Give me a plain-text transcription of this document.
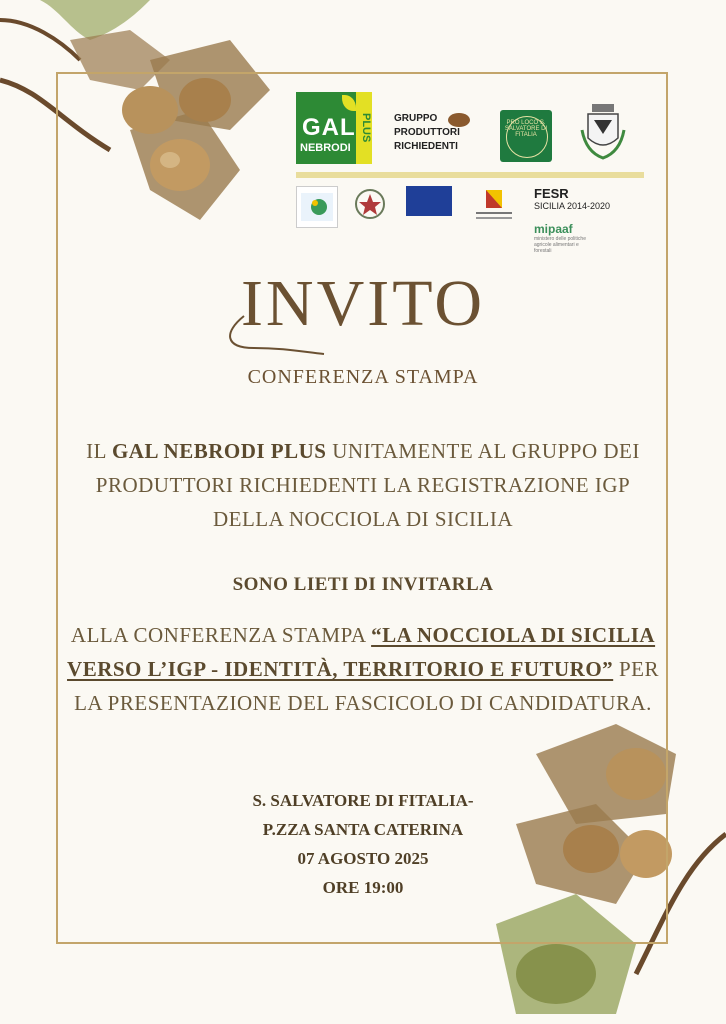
GAL
NEBRODI
PLUS GRUPPO
PRODUTTORI
RICHIEDENTI
PRO LOCO S. SALVATORE DI FITALIA
FESR
SICILIA 2014-2020
mipaaf
ministero delle politiche agricole alimentari e forestali
INVITO
CONFERENZA STAMPA
IL GAL NEBRODI PLUS UNITAMENTE AL GRUPPO DEI PRODUTTORI RICHIEDENTI LA REGISTRAZIONE IGP DELLA NOCCIOLA DI SICILIA
SONO LIETI DI INVITARLA
ALLA CONFERENZA STAMPA “LA NOCCIOLA DI SICILIA VERSO L’IGP - IDENTITÀ, TERRITORIO E FUTURO” PER LA PRESENTAZIONE DEL FASCICOLO DI CANDIDATURA.
S. SALVATORE DI FITALIA-
P.ZZA SANTA CATERINA
07 AGOSTO 2025
ORE 19:00
